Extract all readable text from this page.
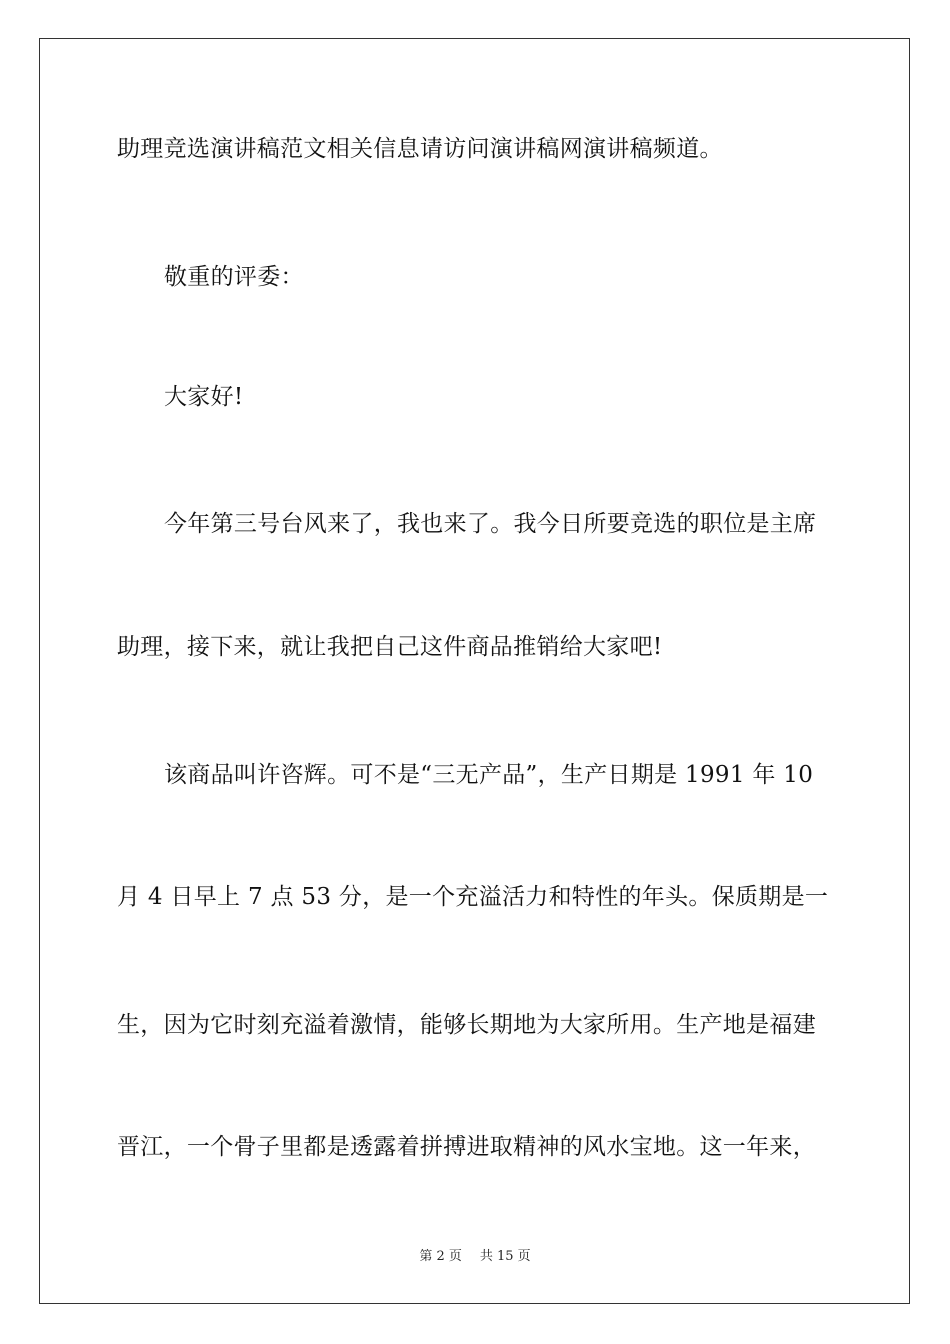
助理竞选演讲稿范文相关信息请访问演讲稿网演讲稿频道。
敬重的评委：
大家好!
今年第三号台风来了，我也来了。我今日所要竞选的职位是主席
助理，接下来，就让我把自己这件商品推销给大家吧!
该商品叫许咨辉。可不是“三无产品”，生产日期是 1991 年 10
月 4 日早上 7 点 53 分，是一个充溢活力和特性的年头。保质期是一
生，因为它时刻充溢着激情，能够长期地为大家所用。生产地是福建
晋江，一个骨子里都是透露着拼搏进取精神的风水宝地。这一年来，
第 2 页 共 15 页
